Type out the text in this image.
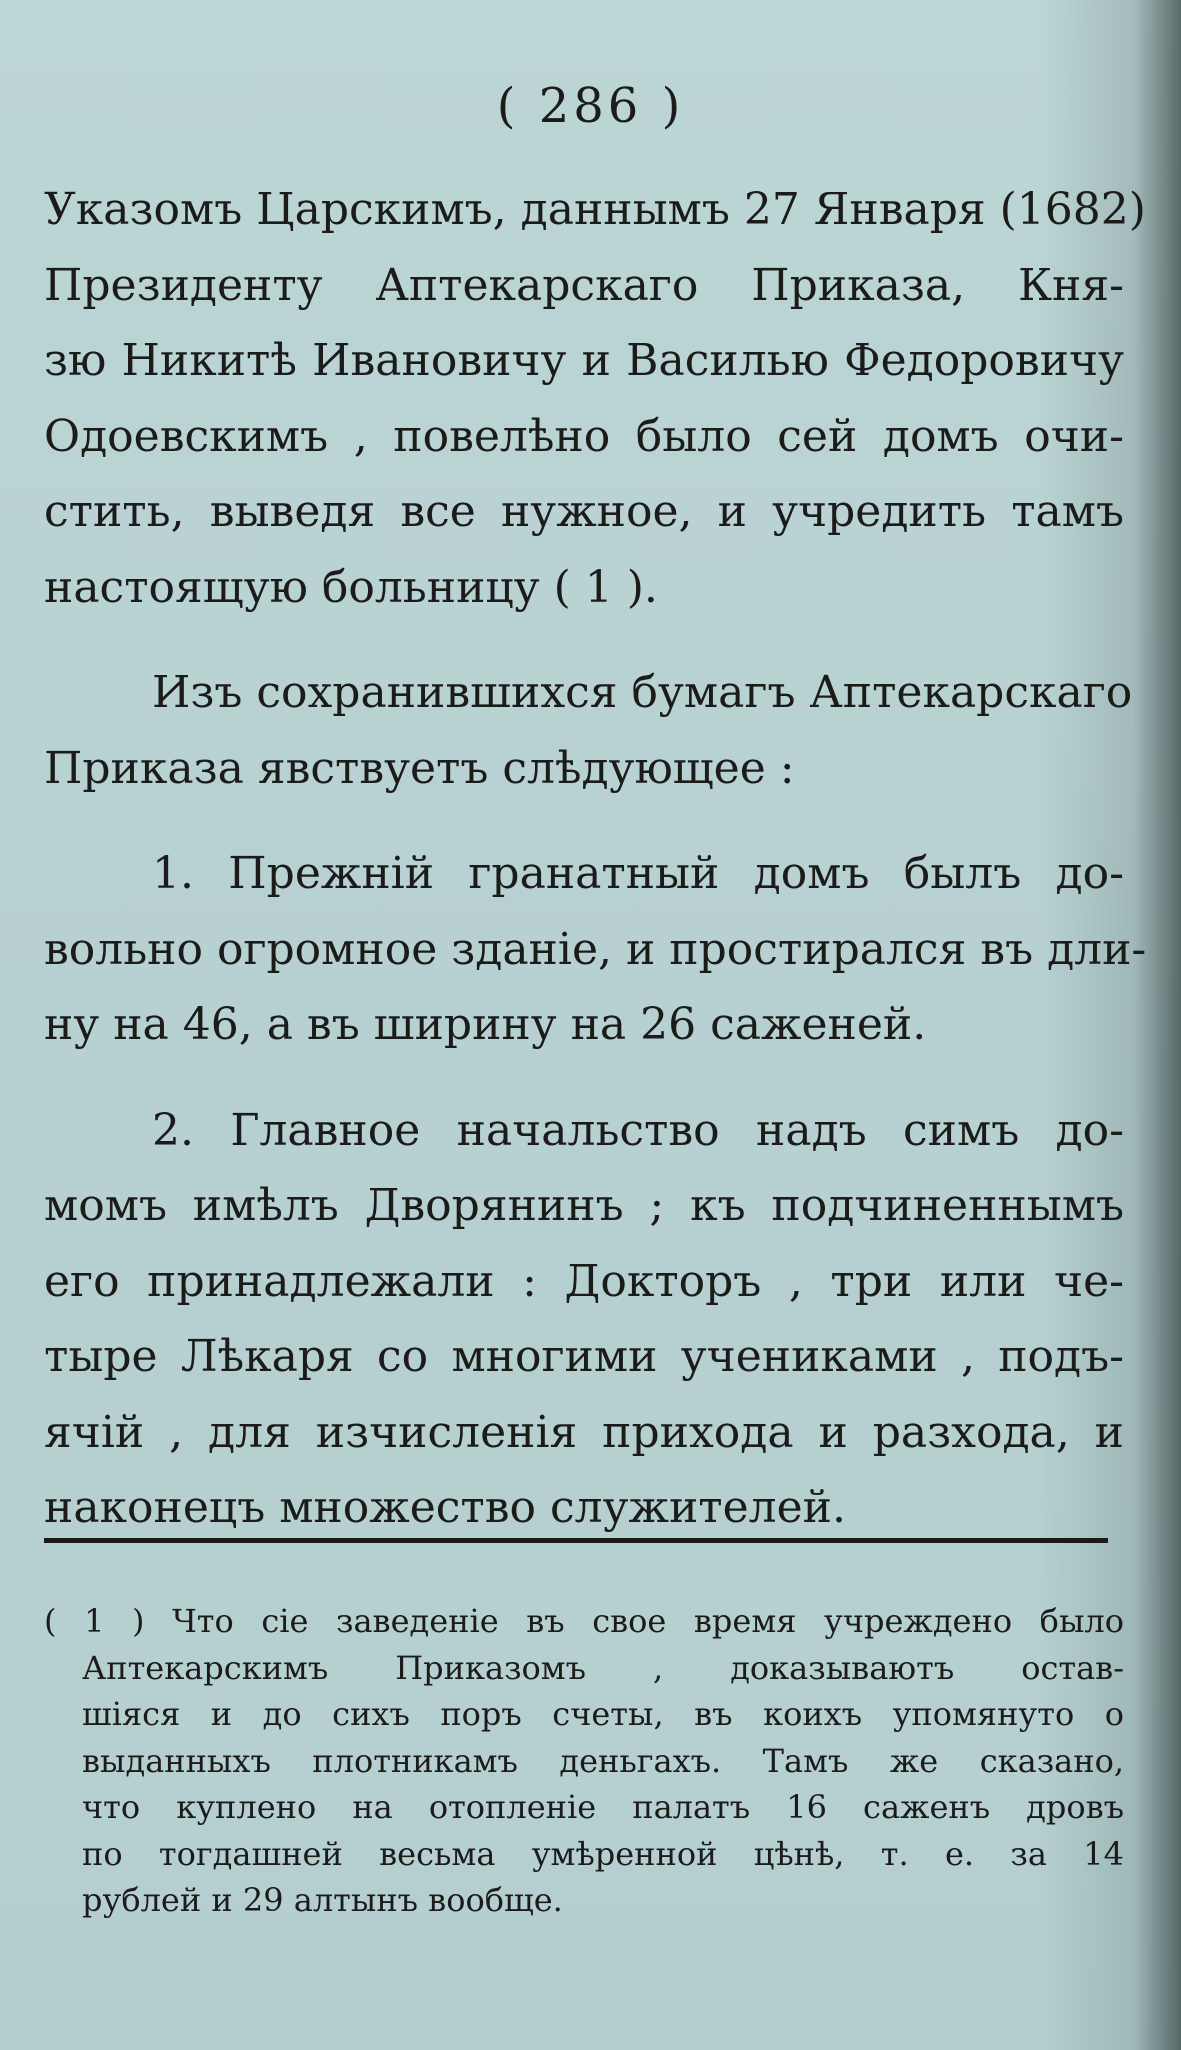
( 286 )
Указомъ Царскимъ, даннымъ 27 Января (1682)
Президенту Аптекарскаго Приказа, Кня-
зю Никитѣ Ивановичу и Василью Федоровичу
Одоевскимъ , повелѣно было сей домъ очи-
стить, выведя все нужное, и учредить тамъ
настоящую больницу ( 1 ).
Изъ сохранившихся бумагъ Аптекарскаго
Приказа явствуетъ слѣдующее :
1. Прежній гранатный домъ былъ до-
вольно огромное зданіе, и простирался въ дли-
ну на 46, а въ ширину на 26 саженей.
2. Главное начальство надъ симъ до-
момъ имѣлъ Дворянинъ ; къ подчиненнымъ
его принадлежали : Докторъ , три или че-
тыре Лѣкаря со многими учениками , подъ-
ячій , для изчисленія прихода и разхода, и
наконецъ множество служителей.
( 1 ) Что сіе заведеніе въ свое время учреждено было
Аптекарскимъ Приказомъ , доказываютъ остав-
шіяся и до сихъ поръ счеты, въ коихъ упомянуто о
выданныхъ плотникамъ деньгахъ. Тамъ же сказано,
что куплено на отопленіе палатъ 16 саженъ дровъ
по тогдашней весьма умѣренной цѣнѣ, т. е. за 14
рублей и 29 алтынъ вообще.
